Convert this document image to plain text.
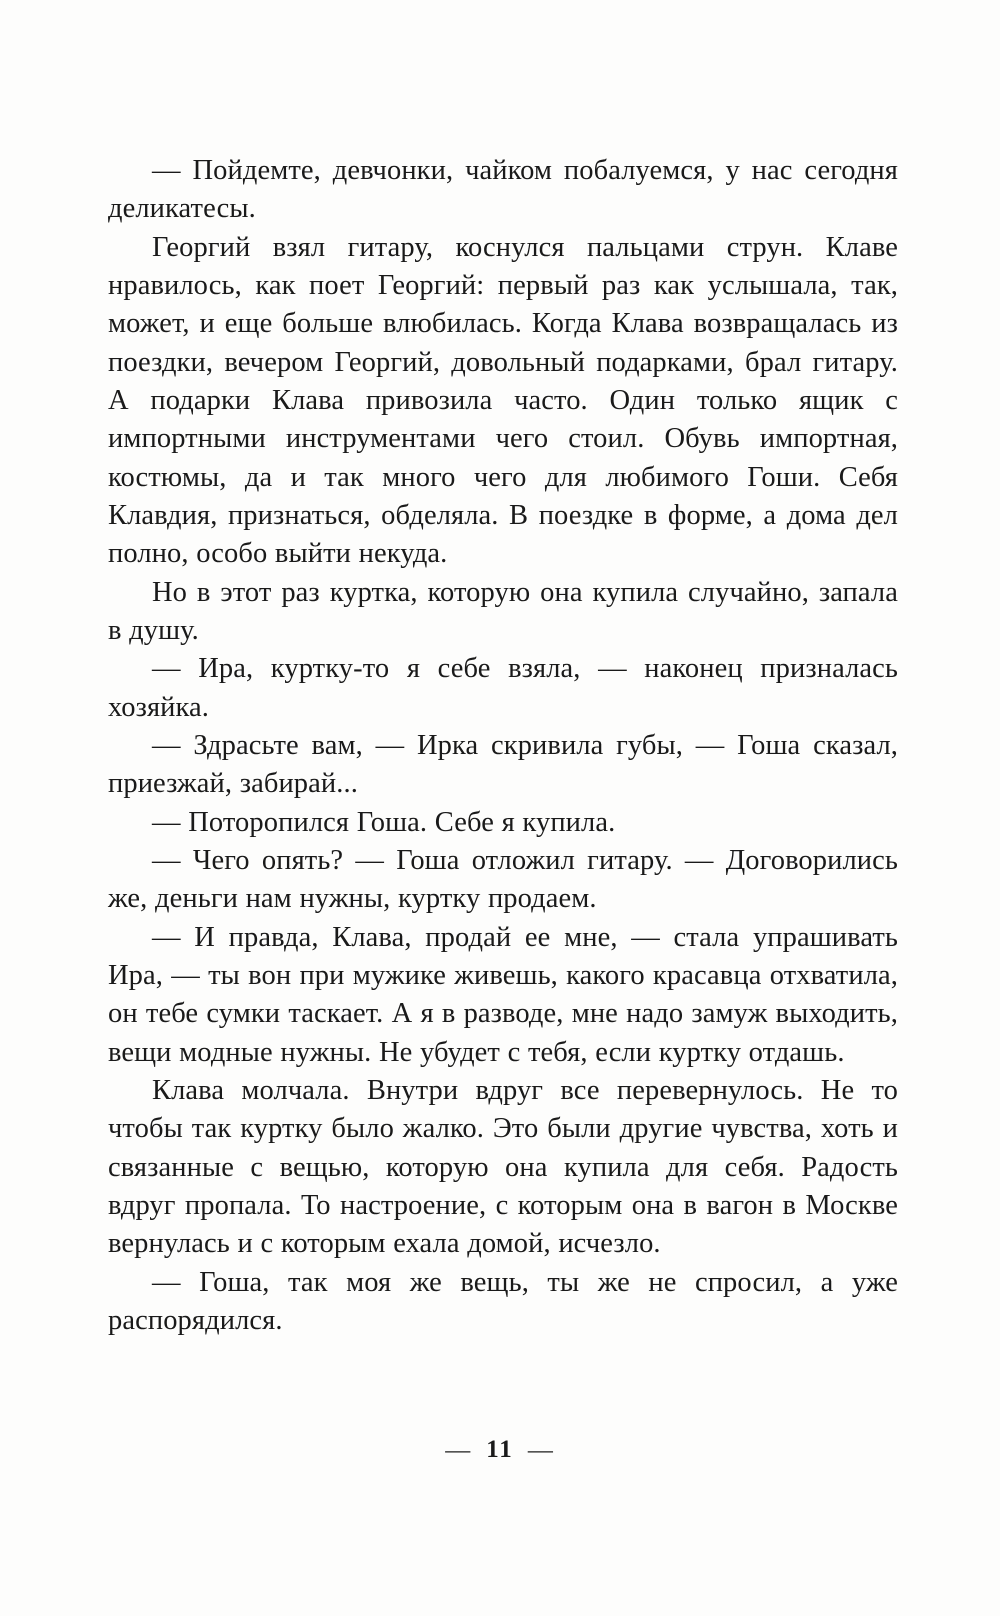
— Пойдемте, девчонки, чайком побалуемся, у нас сегодня деликатесы.

Георгий взял гитару, коснулся пальцами струн. Клаве нравилось, как поет Георгий: первый раз как услышала, так, может, и еще больше влюбилась. Когда Клава возвращалась из поездки, вечером Георгий, довольный подарками, брал гитару. А подарки Клава привозила часто. Один только ящик с импортными инструментами чего стоил. Обувь импортная, костюмы, да и так много чего для любимого Гоши. Себя Клавдия, признаться, обделяла. В поездке в форме, а дома дел полно, особо выйти некуда.

Но в этот раз куртка, которую она купила случайно, запала в душу.

— Ира, куртку-то я себе взяла, — наконец призналась хозяйка.

— Здрасьте вам, — Ирка скривила губы, — Гоша сказал, приезжай, забирай...

— Поторопился Гоша. Себе я купила.

— Чего опять? — Гоша отложил гитару. — Договорились же, деньги нам нужны, куртку продаем.

— И правда, Клава, продай ее мне, — стала упрашивать Ира, — ты вон при мужике живешь, какого красавца отхватила, он тебе сумки таскает. А я в разводе, мне надо замуж выходить, вещи модные нужны. Не убудет с тебя, если куртку отдашь.

Клава молчала. Внутри вдруг все перевернулось. Не то чтобы так куртку было жалко. Это были другие чувства, хоть и связанные с вещью, которую она купила для себя. Радость вдруг пропала. То настроение, с которым она в вагон в Москве вернулась и с которым ехала домой, исчезло.

— Гоша, так моя же вещь, ты же не спросил, а уже распорядился.

— 11 —
